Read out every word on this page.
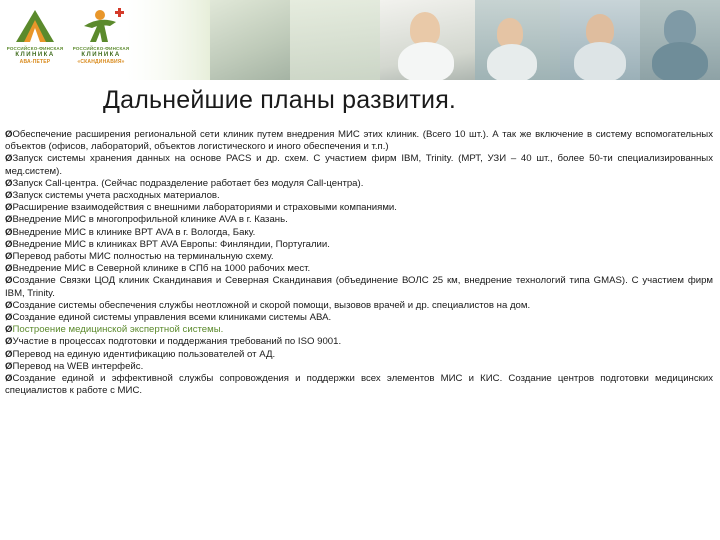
РОССИЙСКО-ФИНСКАЯ
КЛИНИКА
АВА-ПЕТЕР
РОССИЙСКО-ФИНСКАЯ
КЛИНИКА
«СКАНДИНАВИЯ»
Дальнейшие планы развития.
ØОбеспечение расширения региональной сети клиник путем внедрения МИС этих клиник. (Всего 10 шт.). А так же включение в систему вспомогательных объектов (офисов, лабораторий, объектов логистического и иного обеспечения и т.п.)
ØЗапуск системы хранения данных на основе PACS и др. схем. С участием фирм IBM, Trinity. (МРТ, УЗИ – 40 шт., более 50-ти специализированных мед.систем).
ØЗапуск Call-центра. (Сейчас подразделение работает без модуля Call-центра).
ØЗапуск системы учета расходных материалов.
ØРасширение взаимодействия с внешними лабораториями и страховыми компаниями.
ØВнедрение МИС в многопрофильной клинике AVA в г. Казань.
ØВнедрение МИС в клинике ВРТ AVA в г. Вологда, Баку.
ØВнедрение МИС в клиниках ВРТ AVA Европы: Финляндии, Португалии.
ØПеревод работы МИС полностью на терминальную схему.
ØВнедрение МИС в Северной клинике в СПб на 1000 рабочих мест.
ØСоздание Связки ЦОД клиник Скандинавия и Северная Скандинавия (объединение ВОЛС 25 км, внедрение технологий типа GMAS). С участием фирм IBM, Trinity.
ØСоздание системы обеспечения службы неотложной и скорой помощи, вызовов врачей и др. специалистов на дом.
ØСоздание единой системы управления всеми клиниками системы АВА.
ØПостроение медицинской экспертной системы.
ØУчастие в процессах подготовки и поддержания требований по ISO 9001.
ØПеревод на единую идентификацию пользователей от АД.
ØПеревод на WEB интерфейс.
ØСоздание единой и эффективной службы сопровождения и поддержки всех элементов МИС и КИС. Создание центров подготовки медицинских специалистов к работе с МИС.
